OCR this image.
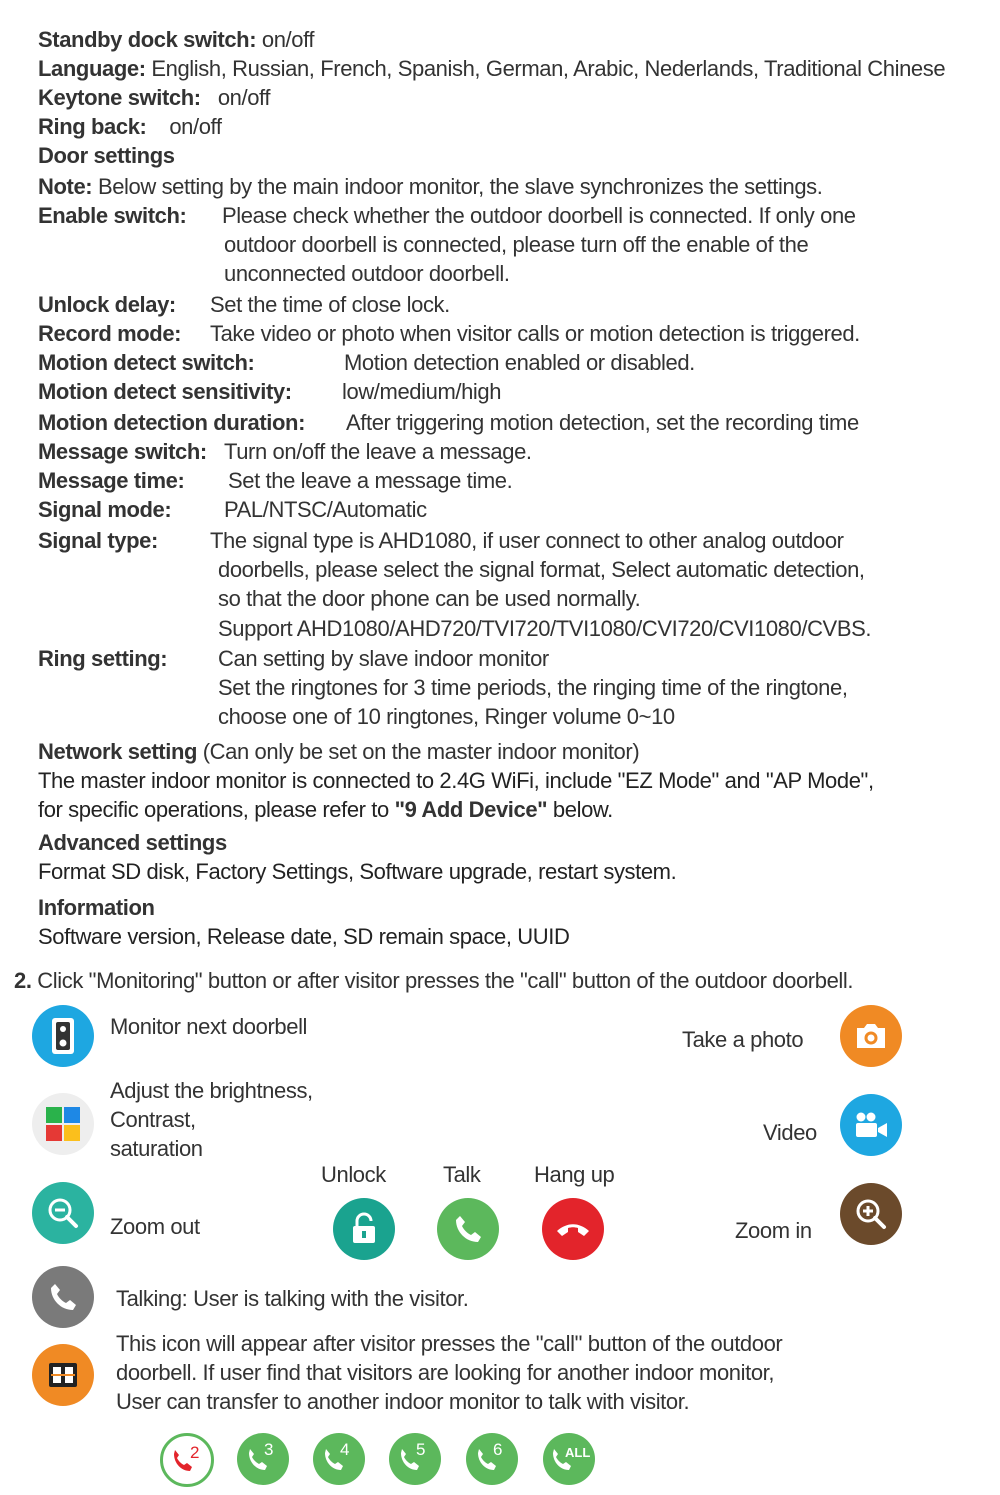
Standby dock switch: on/off
Language: English, Russian, French, Spanish, German, Arabic, Nederlands, Traditional Chinese
Keytone switch: on/off
Ring back: on/off
Door settings
Note: Below setting by the main indoor monitor, the slave synchronizes the settings.
Enable switch: Please check whether the outdoor doorbell is connected. If only one
outdoor doorbell is connected, please turn off the enable of the
unconnected outdoor doorbell.
Unlock delay: Set the time of close lock.
Record mode: Take video or photo when visitor calls or motion detection is triggered.
Motion detect switch:	Motion detection enabled or disabled.
Motion detect sensitivity: low/medium/high
Motion detection duration: After triggering motion detection, set the recording time
Message switch: Turn on/off the leave a message.
Message time: Set the leave a message time.
Signal mode: PAL/NTSC/Automatic
Signal type: The signal type is AHD1080, if user connect to other analog outdoor
doorbells, please select the signal format, Select automatic detection,
so that the door phone can be used normally.
Support AHD1080/AHD720/TVI720/TVI1080/CVI720/CVI1080/CVBS.
Ring setting: Can setting by slave indoor monitor
Set the ringtones for 3 time periods, the ringing time of the ringtone,
choose one of 10 ringtones, Ringer volume 0~10
Network setting (Can only be set on the master indoor monitor)
The master indoor monitor is connected to 2.4G WiFi, include "EZ Mode" and "AP Mode",
for specific operations, please refer to "9 Add Device" below.
Advanced settings
Format SD disk, Factory Settings, Software upgrade, restart system.
Information
Software version, Release date, SD remain space, UUID
2. Click "Monitoring" button or after visitor presses the "call" button of the outdoor doorbell.
Monitor next doorbell
Take a photo
Adjust the brightness,
Contrast,
saturation
Video
Unlock	Talk Hang up
Zoom out	Zoom in
Talking: User is talking with the visitor.
This icon will appear after visitor presses the "call" button of the outdoor
doorbell. If user find that visitors are looking for another indoor monitor,
User can transfer to another indoor monitor to talk with visitor.
2	3	4	5	6	ALL
